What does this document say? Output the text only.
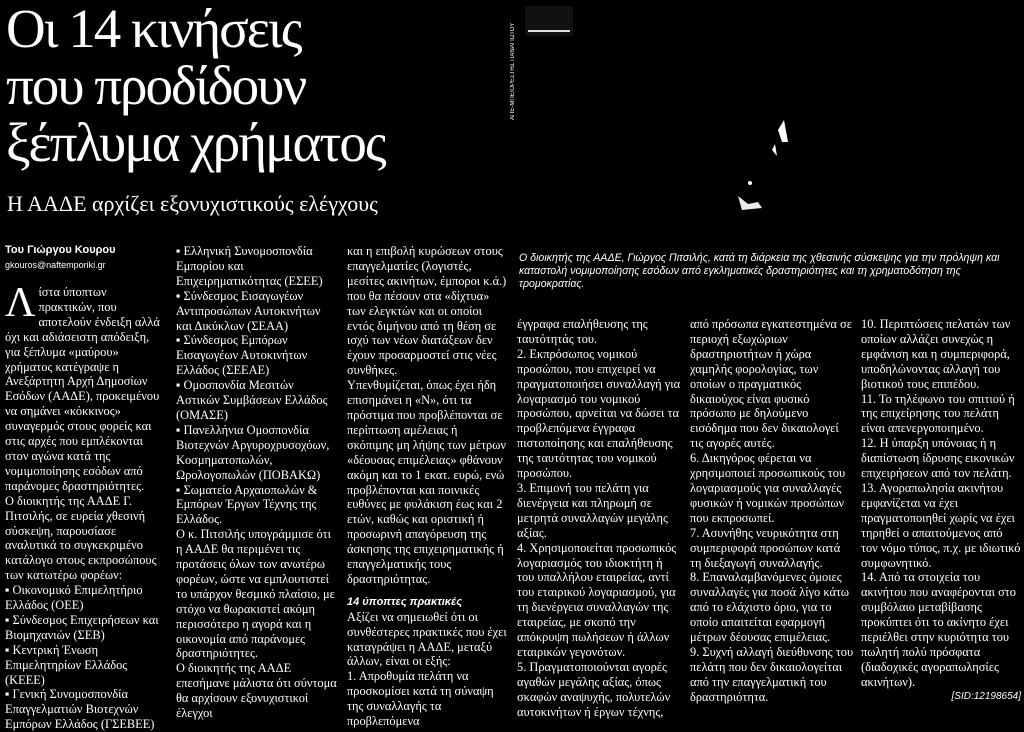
Οι 14 κινήσεις
που προδίδουν
ξέπλυμα χρήματος
Η ΑΑΔΕ αρχίζει εξονυχιστικούς ελέγχους
ΑΠΕ-ΜΠΕ/ΟΡΕΣΤΗΣ ΠΑΝΑΓΙΩΤΟΥ
Του Γιώργου Κουρου
gkouros@naftemporiki.gr
Ο διοικητής της ΑΑΔΕ, Γιώργος Πιτσιλής, κατά τη διάρκεια της χθεσινής σύσκεψης για την πρόληψη και καταστολή νομιμοποίησης εσόδων από εγκληματικές δραστηριότητες και τη χρηματοδότηση της τρομοκρατίας.

Λίστα ύποπτων πρακτικών, που αποτελούν ένδειξη αλλά όχι και αδιάσειστη απόδειξη, για ξέπλυμα «μαύρου» χρήματος κατέγραψε η Ανεξάρτητη Αρχή Δημοσίων Εσόδων (ΑΑΔΕ), προκειμένου να σημάνει «κόκκινος» συναγερμός στους φορείς και στις αρχές που εμπλέκονται στον αγώνα κατά της νομιμοποίησης εσόδων από παράνομες δραστηριότητες.

Ο διοικητής της ΑΑΔΕ Γ. Πιτσιλής, σε ευρεία χθεσινή σύσκεψη, παρουσίασε αναλυτικά το συγκεκριμένο κατάλογο στους εκπροσώπους των κατωτέρω φορέων:

▪ Οικονομικό Επιμελητήριο Ελλάδος (ΟΕΕ)

▪ Σύνδεσμος Επιχειρήσεων και Βιομηχανιών (ΣΕΒ)

▪ Κεντρική Ένωση Επιμελητηρίων Ελλάδος (ΚΕΕΕ)

▪ Γενική Συνομοσπονδία Επαγγελματιών Βιοτεχνών Εμπόρων Ελλάδος (ΓΣΕΒΕΕ)

▪ Ελληνική Συνομοσπονδία Εμπορίου και Επιχειρηματικότητας (ΕΣΕΕ)

▪ Σύνδεσμος Εισαγωγέων Αντιπροσώπων Αυτοκινήτων και Δικύκλων (ΣΕΑΑ)

▪ Σύνδεσμος Εμπόρων Εισαγωγέων Αυτοκινήτων Ελλάδος (ΣΕΕΑΕ)

▪ Ομοσπονδία Μεσιτών Αστικών Συμβάσεων Ελλάδος (ΟΜΑΣΕ)

▪ Πανελλήνια Ομοσπονδία Βιοτεχνών Αργυροχρυσοχόων, Κοσμηματοπωλών, Ωρολογοπωλών (ΠΟΒΑΚΩ)

▪ Σωματείο Αρχαιοπωλών & Εμπόρων Έργων Τέχνης της Ελλάδος.

Ο κ. Πιτσιλής υπογράμμισε ότι η ΑΑΔΕ θα περιμένει τις προτάσεις όλων των ανωτέρω φορέων, ώστε να εμπλουτιστεί το υπάρχον θεσμικό πλαίσιο, με στόχο να θωρακιστεί ακόμη περισσότερο η αγορά και η οικονομία από παράνομες δραστηριότητες.

Ο διοικητής της ΑΑΔΕ επεσήμανε μάλιστα ότι σύντομα θα αρχίσουν εξονυχιστικοί έλεγχοι

και η επιβολή κυρώσεων στους επαγγελματίες (λογιστές, μεσίτες ακινήτων, έμποροι κ.ά.) που θα πέσουν στα «δίχτυα» των ελεγκτών και οι οποίοι εντός διμήνου από τη θέση σε ισχύ των νέων διατάξεων δεν έχουν προσαρμοστεί στις νέες συνθήκες.

Υπενθυμίζεται, όπως έχει ήδη επισημάνει η «Ν», ότι τα πρόστιμα που προβλέπονται σε περίπτωση αμέλειας ή σκόπιμης μη λήψης των μέτρων «δέουσας επιμέλειας» φθάνουν ακόμη και το 1 εκατ. ευρώ, ενώ προβλέπονται και ποινικές ευθύνες με φυλάκιση έως και 2 ετών, καθώς και οριστική ή προσωρινή απαγόρευση της άσκησης της επιχειρηματικής ή επαγγελματικής τους δραστηριότητας.

14 ύποπτες πρακτικές

Αξίζει να σημειωθεί ότι οι συνθέστερες πρακτικές που έχει καταγράψει η ΑΑΔΕ, μεταξύ άλλων, είναι οι εξής:

1. Απροθυμία πελάτη να προσκομίσει κατά τη σύναψη της συναλλαγής τα προβλεπόμενα

έγγραφα επαλήθευσης της ταυτότητάς του.

2. Εκπρόσωπος νομικού προσώπου, που επιχειρεί να πραγματοποιήσει συναλλαγή για λογαριασμό του νομικού προσώπου, αρνείται να δώσει τα προβλεπόμενα έγγραφα πιστοποίησης και επαλήθευσης της ταυτότητας του νομικού προσώπου.

3. Επιμονή του πελάτη για διενέργεια και πληρωμή σε μετρητά συναλλαγών μεγάλης αξίας.

4. Χρησιμοποιείται προσωπικός λογαριασμός του ιδιοκτήτη ή του υπαλλήλου εταιρείας, αντί του εταιρικού λογαριασμού, για τη διενέργεια συναλλαγών της εταιρείας, με σκοπό την απόκρυψη πωλήσεων ή άλλων εταιρικών γεγονότων.

5. Πραγματοποιούνται αγορές αγαθών μεγάλης αξίας, όπως σκαφών αναψυχής, πολυτελών αυτοκινήτων ή έργων τέχνης,

από πρόσωπα εγκατεστημένα σε περιοχή εξωχώριων δραστηριοτήτων ή χώρα χαμηλής φορολογίας, των οποίων ο πραγματικός δικαιούχος είναι φυσικό πρόσωπο με δηλούμενο εισόδημα που δεν δικαιολογεί τις αγορές αυτές.

6. Δικηγόρος φέρεται να χρησιμοποιεί προσωπικούς του λογαριασμούς για συναλλαγές φυσικών ή νομικών προσώπων που εκπροσωπεί.

7. Ασυνήθης νευρικότητα στη συμπεριφορά προσώπων κατά τη διεξαγωγή συναλλαγής.

8. Επαναλαμβανόμενες όμοιες συναλλαγές για ποσά λίγο κάτω από το ελάχιστο όριο, για το οποίο απαιτείται εφαρμογή μέτρων δέουσας επιμέλειας.

9. Συχνή αλλαγή διεύθυνσης του πελάτη που δεν δικαιολογείται από την επαγγελματική του δραστηριότητα.

10. Περιπτώσεις πελατών των οποίων αλλάζει συνεχώς η εμφάνιση και η συμπεριφορά, υποδηλώνοντας αλλαγή του βιοτικού τους επιπέδου.

11. Το τηλέφωνο του σπιτιού ή της επιχείρησης του πελάτη είναι απενεργοποιημένο.

12. Η ύπαρξη υπόνοιας ή η διαπίστωση ίδρυσης εικονικών επιχειρήσεων από τον πελάτη.

13. Αγοραπωλησία ακινήτου εμφανίζεται να έχει πραγματοποιηθεί χωρίς να έχει τηρηθεί ο απαιτούμενος από τον νόμο τύπος, π.χ. με ιδιωτικό συμφωνητικό.

14. Από τα στοιχεία του ακινήτου που αναφέρονται στο συμβόλαιο μεταβίβασης προκύπτει ότι το ακίνητο έχει περιέλθει στην κυριότητα του πωλητή πολύ πρόσφατα (διαδοχικές αγοραπωλησίες ακινήτων).

[SID:12198654]
